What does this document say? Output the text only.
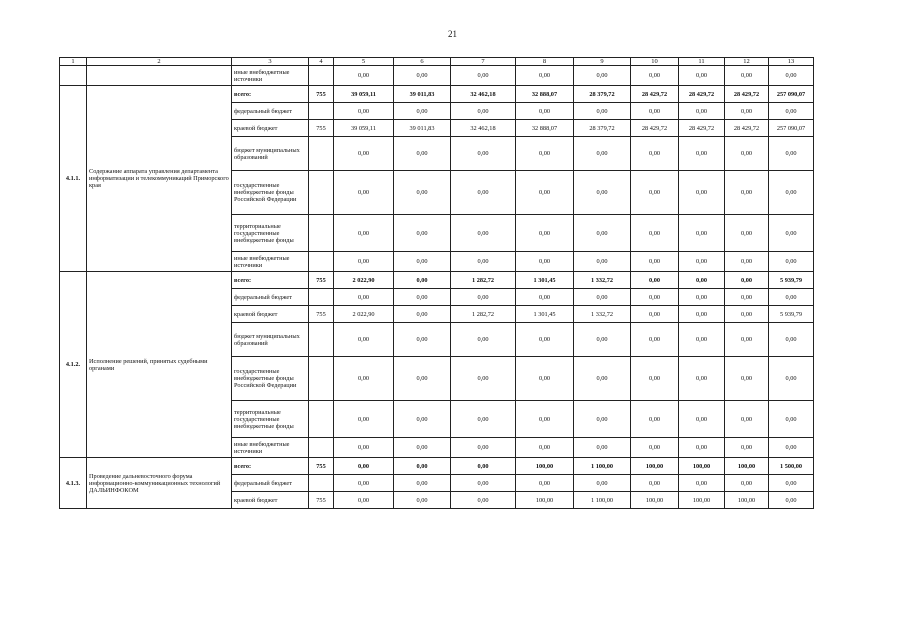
21
1	2	3	4	5	6	7	8	9	10	11	12	13
		иные внебюджетные источники		0,00	0,00	0,00	0,00	0,00	0,00	0,00	0,00	0,00
4.1.1.	Содержание аппарата управления департамента информатизации и телекоммуникаций Приморского края	всего:	755	39 059,11	39 011,83	32 462,18	32 888,07	28 379,72	28 429,72	28 429,72	28 429,72	257 090,07
		федеральный бюджет		0,00	0,00	0,00	0,00	0,00	0,00	0,00	0,00	0,00
		краевой бюджет	755	39 059,11	39 011,83	32 462,18	32 888,07	28 379,72	28 429,72	28 429,72	28 429,72	257 090,07
		бюджет муниципальных образований		0,00	0,00	0,00	0,00	0,00	0,00	0,00	0,00	0,00
		государственные внебюджетные фонды Российской Федерации		0,00	0,00	0,00	0,00	0,00	0,00	0,00	0,00	0,00
		территориальные государственные внебюджетные фонды		0,00	0,00	0,00	0,00	0,00	0,00	0,00	0,00	0,00
		иные внебюджетные источники		0,00	0,00	0,00	0,00	0,00	0,00	0,00	0,00	0,00
4.1.2.	Исполнение решений, принятых судебными органами	всего:	755	2 022,90	0,00	1 282,72	1 301,45	1 332,72	0,00	0,00	0,00	5 939,79
		федеральный бюджет		0,00	0,00	0,00	0,00	0,00	0,00	0,00	0,00	0,00
		краевой бюджет	755	2 022,90	0,00	1 282,72	1 301,45	1 332,72	0,00	0,00	0,00	5 939,79
		бюджет муниципальных образований		0,00	0,00	0,00	0,00	0,00	0,00	0,00	0,00	0,00
		государственные внебюджетные фонды Российской Федерации		0,00	0,00	0,00	0,00	0,00	0,00	0,00	0,00	0,00
		территориальные государственные внебюджетные фонды		0,00	0,00	0,00	0,00	0,00	0,00	0,00	0,00	0,00
		иные внебюджетные источники		0,00	0,00	0,00	0,00	0,00	0,00	0,00	0,00	0,00
4.1.3.	Проведение дальневосточного форума информационно-коммуникационных технологий ДАЛЬИНФОКОМ	всего:	755	0,00	0,00	0,00	100,00	1 100,00	100,00	100,00	100,00	1 500,00
		федеральный бюджет		0,00	0,00	0,00	0,00	0,00	0,00	0,00	0,00	0,00
		краевой бюджет	755	0,00	0,00	0,00	100,00	1 100,00	100,00	100,00	100,00	0,00
